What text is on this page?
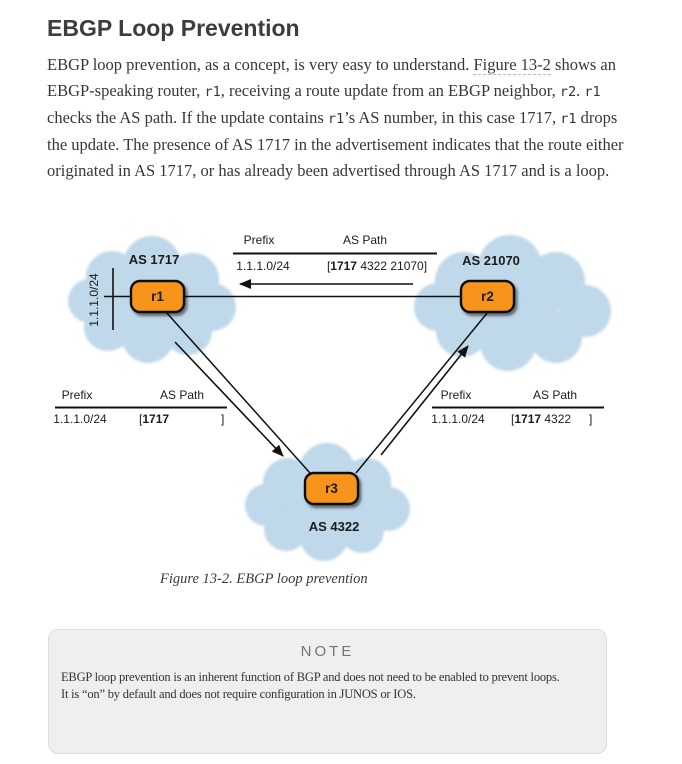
EBGP Loop Prevention

EBGP loop prevention, as a concept, is very easy to understand. Figure 13-2 shows an EBGP-speaking router, r1, receiving a route update from an EBGP neighbor, r2. r1 checks the AS path. If the update contains r1’s AS number, in this case 1717, r1 drops the update. The presence of AS 1717 in the advertisement indicates that the route either originated in AS 1717, or has already been advertised through AS 1717 and is a loop.

1.1.1.0/24
AS 1717	AS 21070
AS 4322
r1	r2
r3
Prefix	AS Path
1.1.1.0/24	[1717 4322 21070]
Prefix	AS Path
1.1.1.0/24	[1717	]
Prefix	AS Path
1.1.1.0/24 [1717 4322 ]
Figure 13-2. EBGP loop prevention
NOTE

EBGP loop prevention is an inherent function of BGP and does not need to be enabled to prevent loops.

It is “on” by default and does not require configuration in JUNOS or IOS.
